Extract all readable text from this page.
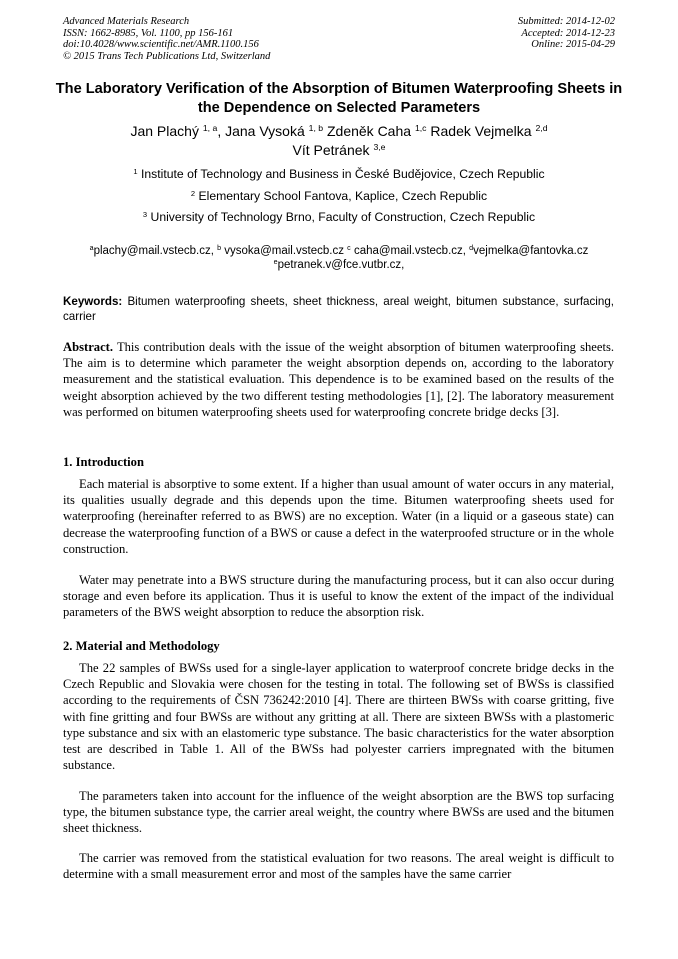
Advanced Materials Research
ISSN: 1662-8985, Vol. 1100, pp 156-161
doi:10.4028/www.scientific.net/AMR.1100.156
© 2015 Trans Tech Publications Ltd, Switzerland
Submitted: 2014-12-02
Accepted: 2014-12-23
Online: 2015-04-29
The Laboratory Verification of the Absorption of Bitumen Waterproofing Sheets in the Dependence on Selected Parameters
Jan Plachý $^{1, a}$, Jana Vysoká $^{1, b}$ Zdeněk Caha $^{1,c}$ Radek Vejmelka $^{2,d}$
Vít Petránek $^{3,e}$
$^1$ Institute of Technology and Business in České Budějovice, Czech Republic
$^2$ Elementary School Fantova, Kaplice, Czech Republic
$^3$ University of Technology Brno, Faculty of Construction, Czech Republic
$^a$plachy@mail.vstecb.cz, $^b$ vysoka@mail.vstecb.cz $^c$ caha@mail.vstecb.cz, $^d$vejmelka@fantovka.cz
$^e$petranek.v@fce.vutbr.cz,
Keywords: Bitumen waterproofing sheets, sheet thickness, areal weight, bitumen substance, surfacing, carrier
Abstract. This contribution deals with the issue of the weight absorption of bitumen waterproofing sheets. The aim is to determine which parameter the weight absorption depends on, according to the laboratory measurement and the statistical evaluation. This dependence is to be examined based on the results of the weight absorption achieved by the two different testing methodologies [1], [2]. The laboratory measurement was performed on bitumen waterproofing sheets used for waterproofing concrete bridge decks [3].
1. Introduction
Each material is absorptive to some extent. If a higher than usual amount of water occurs in any material, its qualities usually degrade and this depends upon the time. Bitumen waterproofing sheets used for waterproofing (hereinafter referred to as BWS) are no exception. Water (in a liquid or a gaseous state) can decrease the waterproofing function of a BWS or cause a defect in the waterproofed structure or in the whole construction.
Water may penetrate into a BWS structure during the manufacturing process, but it can also occur during storage and even before its application. Thus it is useful to know the extent of the impact of the individual parameters of the BWS weight absorption to reduce the absorption risk.
2. Material and Methodology
The 22 samples of BWSs used for a single-layer application to waterproof concrete bridge decks in the Czech Republic and Slovakia were chosen for the testing in total. The following set of BWSs is classified according to the requirements of ČSN 736242:2010 [4]. There are thirteen BWSs with coarse gritting, five with fine gritting and four BWSs are without any gritting at all. There are sixteen BWSs with a plastomeric type substance and six with an elastomeric type substance. The basic characteristics for the water absorption test are described in Table 1. All of the BWSs had polyester carriers impregnated with the bitumen substance.
The parameters taken into account for the influence of the weight absorption are the BWS top surfacing type, the bitumen substance type, the carrier areal weight, the country where BWSs are used and the bitumen sheet thickness.
The carrier was removed from the statistical evaluation for two reasons. The areal weight is difficult to determine with a small measurement error and most of the samples have the same carrier
